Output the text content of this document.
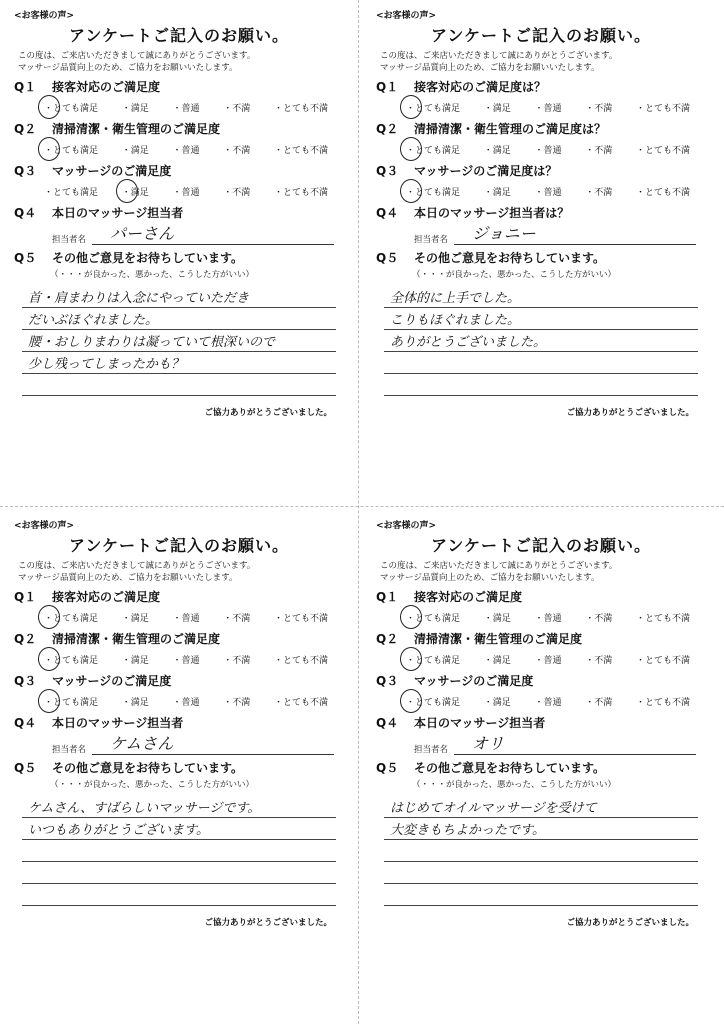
<お客様の声>
アンケートご記入のお願い。
この度は、ご来店いただきまして誠にありがとうございます。
マッサージ品質向上のため、ご協力をお願いいたします。
Q１	接客対応のご満足度
・とても満足	・満足	・普通	・不満	・とても不満
Q２	清掃清潔・衛生管理のご満足度
・とても満足	・満足	・普通	・不満	・とても不満
Q３	マッサージのご満足度
・とても満足	・満足	・普通	・不満	・とても不満
Q４	本日のマッサージ担当者
担当者名 パーさん
Q５	その他ご意見をお待ちしています。
（・・・が良かった、悪かった、こうした方がいい）
首・肩まわりは入念にやっていただき
だいぶほぐれました。
腰・おしりまわりは凝っていて根深いので
少し残ってしまったかも？
ご協力ありがとうございました。
<お客様の声>
アンケートご記入のお願い。
この度は、ご来店いただきまして誠にありがとうございます。
マッサージ品質向上のため、ご協力をお願いいたします。
Q１	接客対応のご満足度は？
・とても満足	・満足	・普通	・不満	・とても不満
Q２	清掃清潔・衛生管理のご満足度は？
・とても満足	・満足	・普通	・不満	・とても不満
Q３	マッサージのご満足度は？
・とても満足	・満足	・普通	・不満	・とても不満
Q４	本日のマッサージ担当者は？
担当者名 ジョニー
Q５	その他ご意見をお待ちしています。
（・・・が良かった、悪かった、こうした方がいい）
全体的に上手でした。
こりもほぐれました。
ありがとうございました。
ご協力ありがとうございました。
<お客様の声>
アンケートご記入のお願い。
この度は、ご来店いただきまして誠にありがとうございます。
マッサージ品質向上のため、ご協力をお願いいたします。
Q１	接客対応のご満足度
・とても満足	・満足	・普通	・不満	・とても不満
Q２	清掃清潔・衛生管理のご満足度
・とても満足	・満足	・普通	・不満	・とても不満
Q３	マッサージのご満足度
・とても満足	・満足	・普通	・不満	・とても不満
Q４	本日のマッサージ担当者
担当者名 ケムさん
Q５	その他ご意見をお待ちしています。
（・・・が良かった、悪かった、こうした方がいい）
ケムさん、すばらしいマッサージです。
いつもありがとうございます。
ご協力ありがとうございました。
<お客様の声>
アンケートご記入のお願い。
この度は、ご来店いただきまして誠にありがとうございます。
マッサージ品質向上のため、ご協力をお願いいたします。
Q１	接客対応のご満足度
・とても満足	・満足	・普通	・不満	・とても不満
Q２	清掃清潔・衛生管理のご満足度
・とても満足	・満足	・普通	・不満	・とても不満
Q３	マッサージのご満足度
・とても満足	・満足	・普通	・不満	・とても不満
Q４	本日のマッサージ担当者
担当者名 オリ
Q５	その他ご意見をお待ちしています。
（・・・が良かった、悪かった、こうした方がいい）
はじめてオイルマッサージを受けて
大変きもちよかったです。
ご協力ありがとうございました。
